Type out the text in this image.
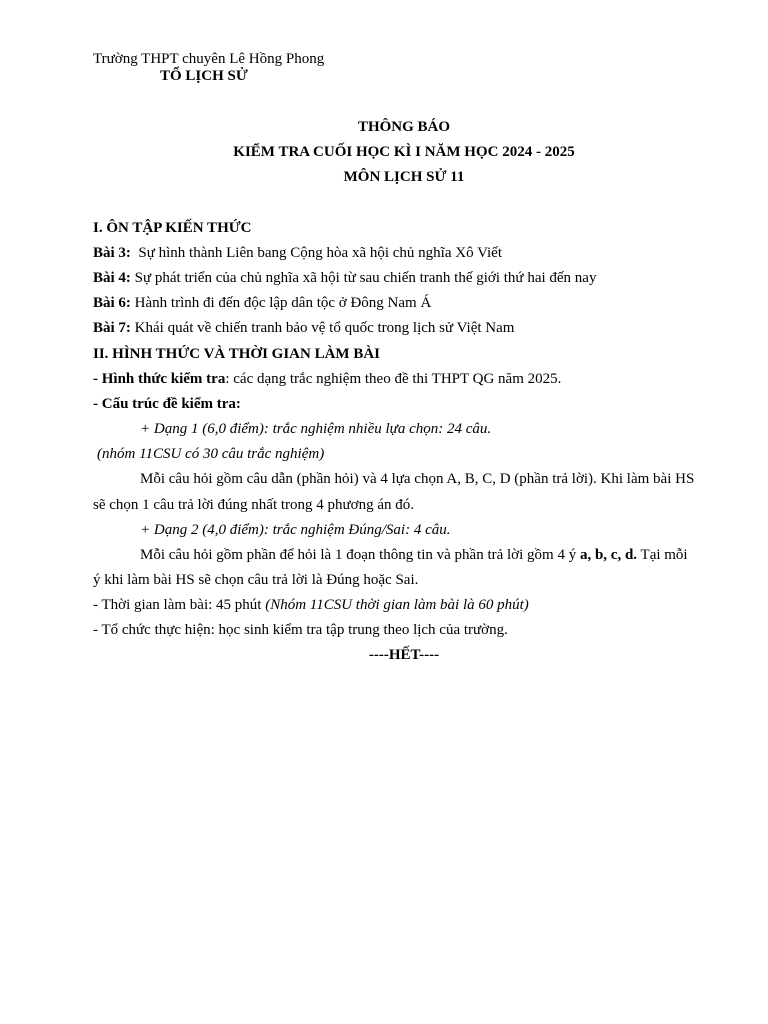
Trường THPT chuyên Lê Hồng Phong
TỔ LỊCH SỬ
THÔNG BÁO
KIỂM TRA CUỐI HỌC KÌ I NĂM HỌC 2024 - 2025
MÔN LỊCH SỬ 11
I. ÔN TẬP KIẾN THỨC
Bài 3: Sự hình thành Liên bang Cộng hòa xã hội chủ nghĩa Xô Viết
Bài 4: Sự phát triển của chủ nghĩa xã hội từ sau chiến tranh thế giới thứ hai đến nay
Bài 6: Hành trình đi đến độc lập dân tộc ở Đông Nam Á
Bài 7: Khái quát về chiến tranh bảo vệ tổ quốc trong lịch sử Việt Nam
II. HÌNH THỨC VÀ THỜI GIAN LÀM BÀI
- Hình thức kiểm tra: các dạng trắc nghiệm theo đề thi THPT QG năm 2025.
- Cấu trúc đề kiểm tra:
+ Dạng 1 (6,0 điểm): trắc nghiệm nhiều lựa chọn: 24 câu.
(nhóm 11CSU có 30 câu trắc nghiệm)
Mỗi câu hỏi gồm câu dẫn (phần hỏi) và 4 lựa chọn A, B, C, D (phần trả lời). Khi làm bài HS
sẽ chọn 1 câu trả lời đúng nhất trong 4 phương án đó.
+ Dạng 2 (4,0 điểm): trắc nghiệm Đúng/Sai: 4 câu.
Mỗi câu hỏi gồm phần để hỏi là 1 đoạn thông tin và phần trả lời gồm 4 ý a, b, c, d. Tại mỗi
ý khi làm bài HS sẽ chọn câu trả lời là Đúng hoặc Sai.
- Thời gian làm bài: 45 phút (Nhóm 11CSU thời gian làm bài là 60 phút)
- Tổ chức thực hiện: học sinh kiểm tra tập trung theo lịch của trường.
----HẾT----
